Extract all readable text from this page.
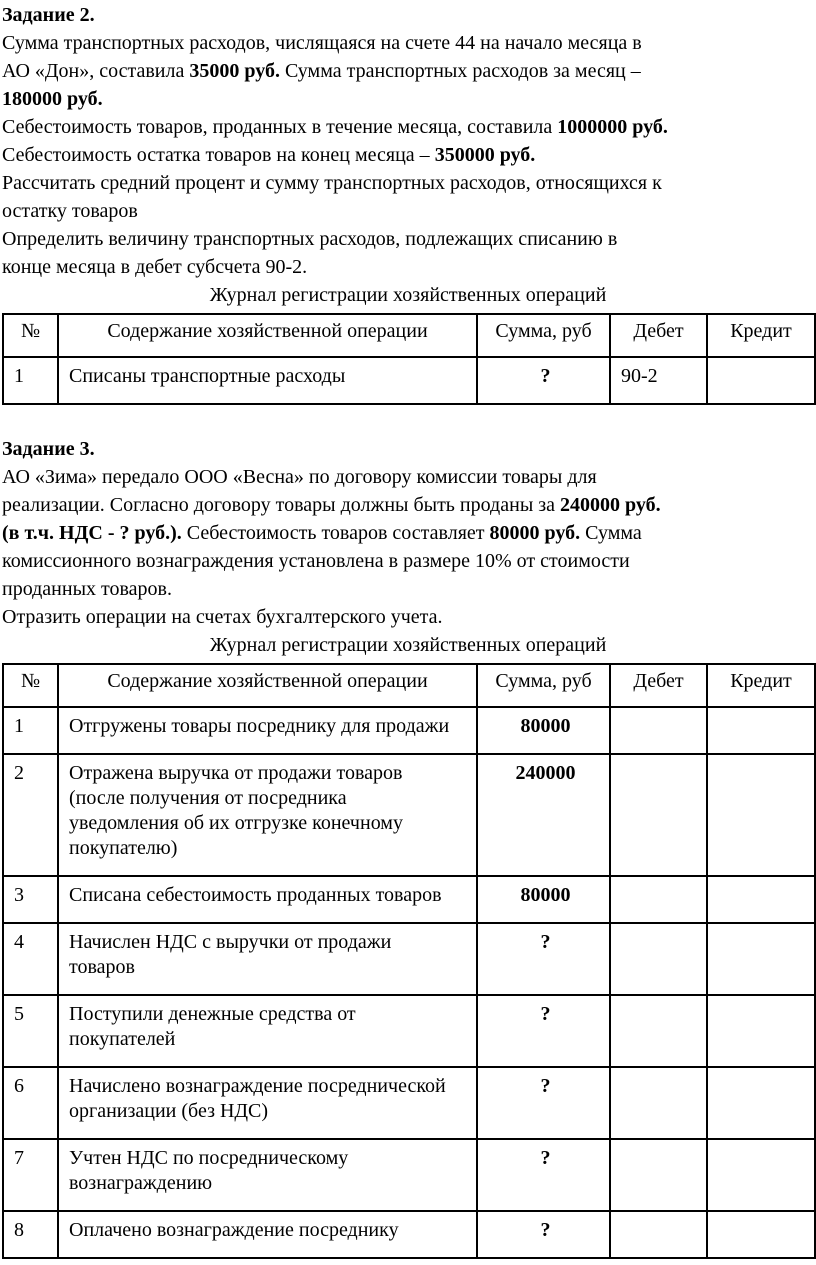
Задание 2.
Сумма транспортных расходов, числящаяся на счете 44 на начало месяца в
АО «Дон», составила 35000 руб. Сумма транспортных расходов за месяц –
180000 руб.
Себестоимость товаров, проданных в течение месяца, составила 1000000 руб.
Себестоимость остатка товаров на конец месяца – 350000 руб.
Рассчитать средний процент и сумму транспортных расходов, относящихся к
остатку товаров
Определить величину транспортных расходов, подлежащих списанию в
конце месяца в дебет субсчета 90-2.
Журнал регистрации хозяйственных операций
№	Содержание хозяйственной операции	Сумма, руб	Дебет	Кредит
1	Списаны транспортные расходы	?	90-2	
Задание 3.
АО «Зима» передало ООО «Весна» по договору комиссии товары для
реализации. Согласно договору товары должны быть проданы за 240000 руб.
(в т.ч. НДС - ? руб.). Себестоимость товаров составляет 80000 руб. Сумма
комиссионного вознаграждения установлена в размере 10% от стоимости
проданных товаров.
Отразить операции на счетах бухгалтерского учета.
Журнал регистрации хозяйственных операций
№	Содержание хозяйственной операции	Сумма, руб	Дебет	Кредит
1	Отгружены товары посреднику для продажи	80000		
2	Отражена выручка от продажи товаров
(после получения от посредника
уведомления об их отгрузке конечному
покупателю)	240000		
3	Списана себестоимость проданных товаров	80000		
4	Начислен НДС с выручки от продажи
товаров	?		
5	Поступили денежные средства от
покупателей	?		
6	Начислено вознаграждение посреднической
организации (без НДС)	?		
7	Учтен НДС по посредническому
вознаграждению	?		
8	Оплачено вознаграждение посреднику	?		
